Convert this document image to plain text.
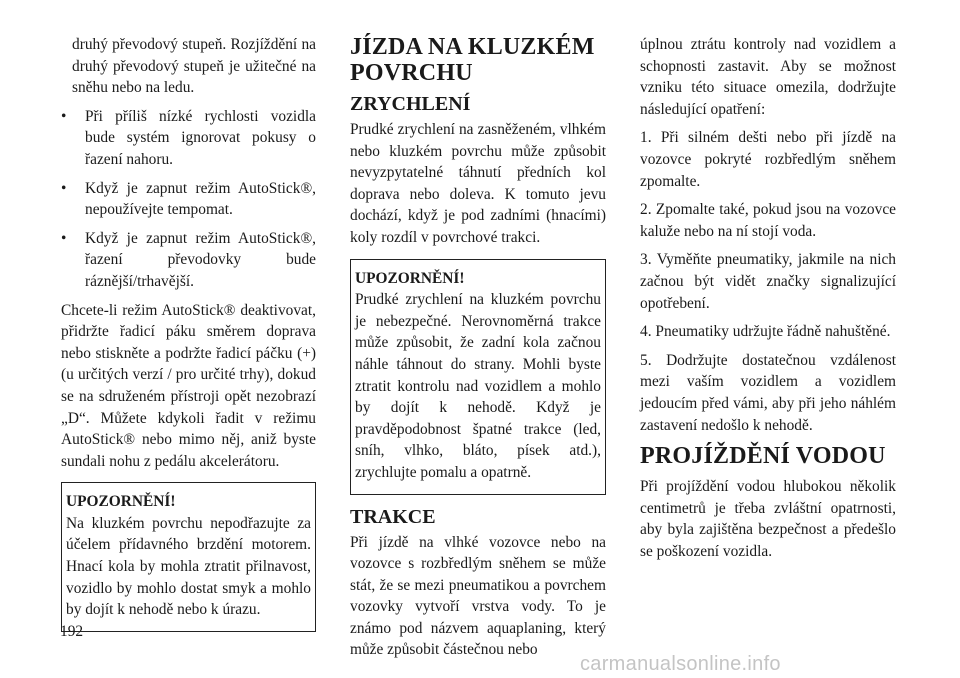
druhý převodový stupeň. Rozjíždění na druhý převodový stupeň je užitečné na sněhu nebo na ledu.

• Při příliš nízké rychlosti vozidla bude systém ignorovat pokusy o řazení nahoru.
• Když je zapnut režim AutoStick®, nepoužívejte tempomat.
• Když je zapnut režim AutoStick®, řazení převodovky bude ráznější/trhavější.

Chcete-li režim AutoStick® deaktivovat, přidržte řadicí páku směrem doprava nebo stiskněte a podržte řadicí páčku (+) (u určitých verzí / pro určité trhy), dokud se na sdruženém přístroji opět nezobrazí „D“. Můžete kdykoli řadit v režimu AutoStick® nebo mimo něj, aniž byste sundali nohu z pedálu akcelerátoru.

UPOZORNĚNÍ!

Na kluzkém povrchu nepodřazujte za účelem přídavného brzdění motorem. Hnací kola by mohla ztratit přilnavost, vozidlo by mohlo dostat smyk a mohlo by dojít k nehodě nebo k úrazu.

JÍZDA NA KLUZKÉM POVRCHU
ZRYCHLENÍ

Prudké zrychlení na zasněženém, vlhkém nebo kluzkém povrchu může způsobit nevyzpytatelné táhnutí předních kol doprava nebo doleva. K tomuto jevu dochází, když je pod zadními (hnacími) koly rozdíl v povrchové trakci.

UPOZORNĚNÍ!

Prudké zrychlení na kluzkém povrchu je nebezpečné. Nerovnoměrná trakce může způsobit, že zadní kola začnou náhle táhnout do strany. Mohli byste ztratit kontrolu nad vozidlem a mohlo by dojít k nehodě. Když je pravděpodobnost špatné trakce (led, sníh, vlhko, bláto, písek atd.), zrychlujte pomalu a opatrně.

TRAKCE

Při jízdě na vlhké vozovce nebo na vozovce s rozbředlým sněhem se může stát, že se mezi pneumatikou a povrchem vozovky vytvoří vrstva vody. To je známo pod názvem aquaplaning, který může způsobit částečnou nebo

úplnou ztrátu kontroly nad vozidlem a schopnosti zastavit. Aby se možnost vzniku této situace omezila, dodržujte následující opatření:

1. Při silném dešti nebo při jízdě na vozovce pokryté rozbředlým sněhem zpomalte.

2. Zpomalte také, pokud jsou na vozovce kaluže nebo na ní stojí voda.

3. Vyměňte pneumatiky, jakmile na nich začnou být vidět značky signalizující opotřebení.

4. Pneumatiky udržujte řádně nahuštěné.

5. Dodržujte dostatečnou vzdálenost mezi vaším vozidlem a vozidlem jedoucím před vámi, aby při jeho náhlém zastavení nedošlo k nehodě.

PROJÍŽDĚNÍ VODOU

Při projíždění vodou hlubokou několik centimetrů je třeba zvláštní opatrnosti, aby byla zajištěna bezpečnost a předešlo se poškození vozidla.

192
carmanualsonline.info
